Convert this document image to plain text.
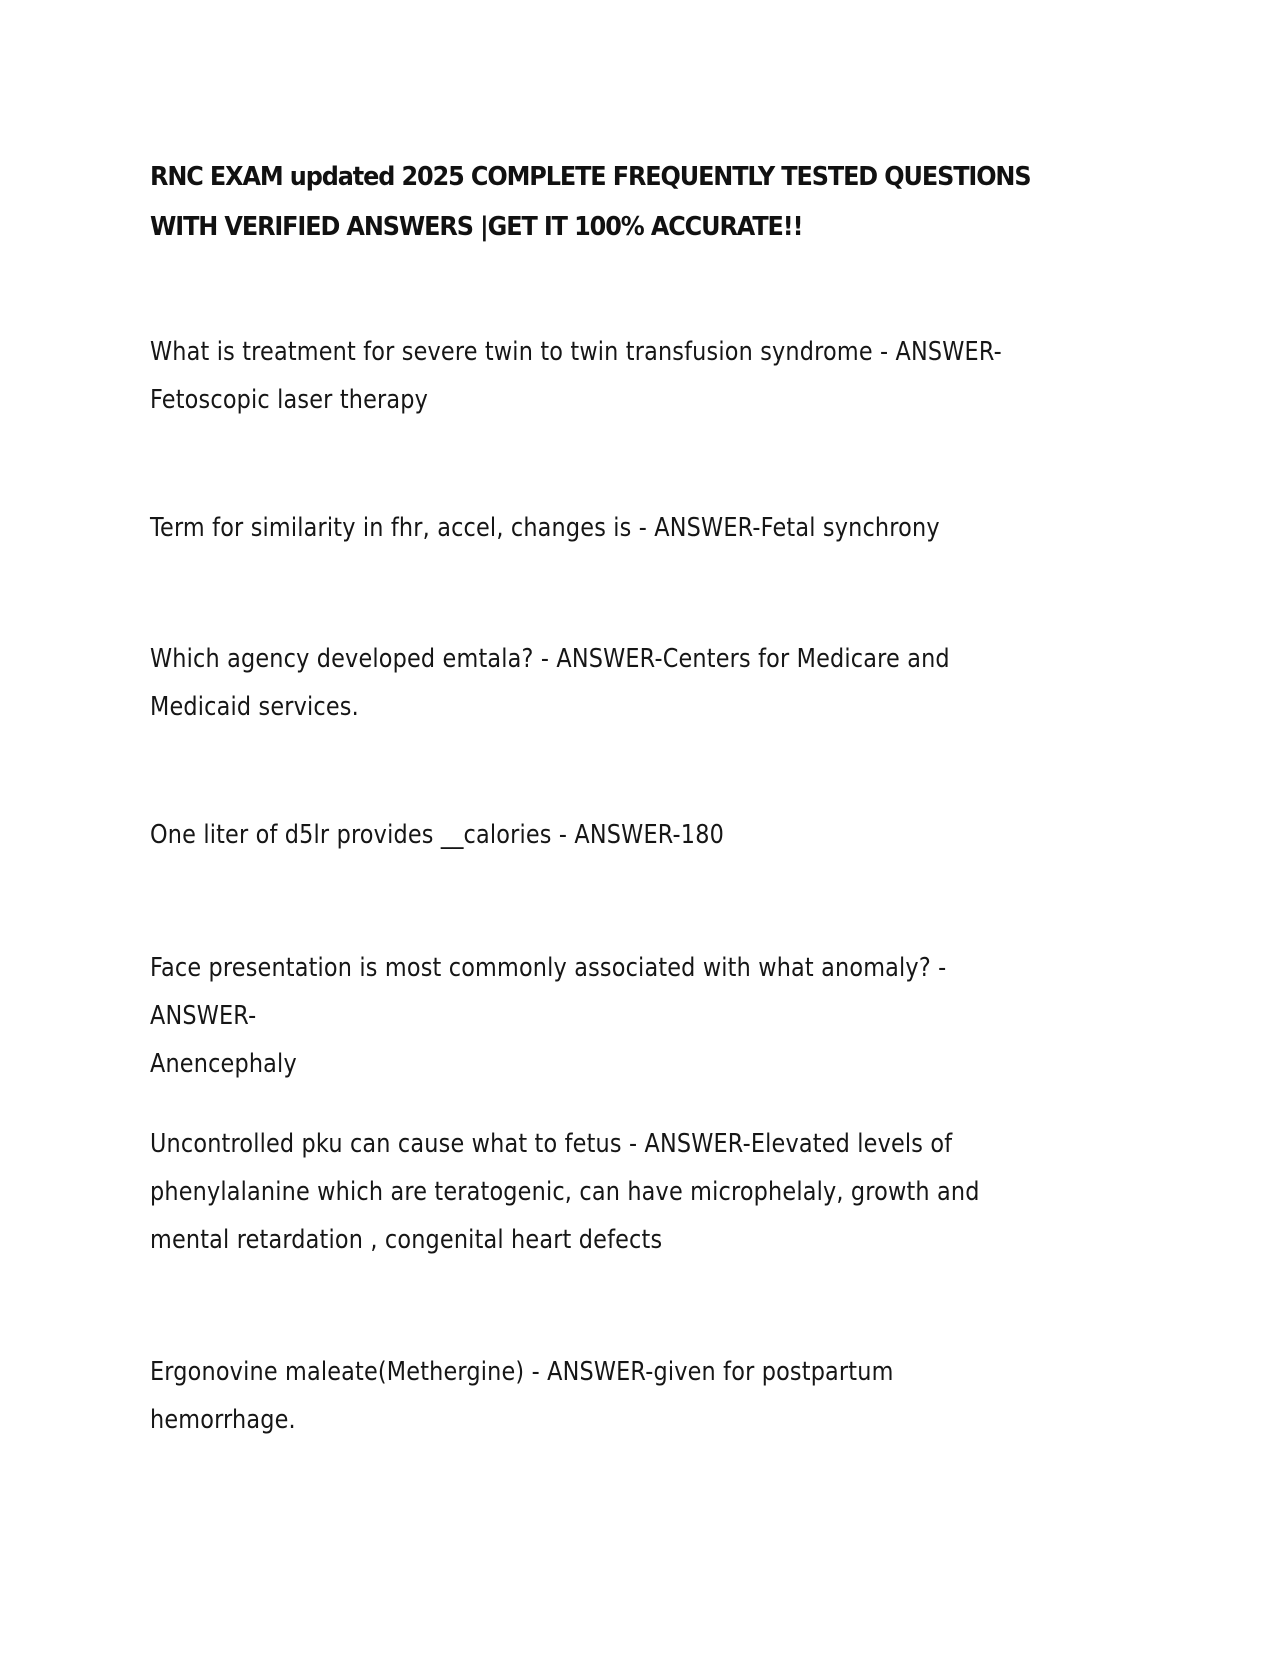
RNC EXAM updated 2025 COMPLETE FREQUENTLY TESTED QUESTIONS WITH VERIFIED ANSWERS |GET IT 100% ACCURATE!!

What is treatment for severe twin to twin transfusion syndrome - ANSWER-
Fetoscopic laser therapy

Term for similarity in fhr, accel, changes is - ANSWER-Fetal synchrony

Which agency developed emtala? - ANSWER-Centers for Medicare and Medicaid services.

One liter of d5lr provides __calories - ANSWER-180

Face presentation is most commonly associated with what anomaly? - ANSWER-
Anencephaly

Uncontrolled pku can cause what to fetus - ANSWER-Elevated levels of phenylalanine which are teratogenic, can have microphelaly, growth and mental retardation , congenital heart defects

Ergonovine maleate(Methergine) - ANSWER-given for postpartum hemorrhage.
